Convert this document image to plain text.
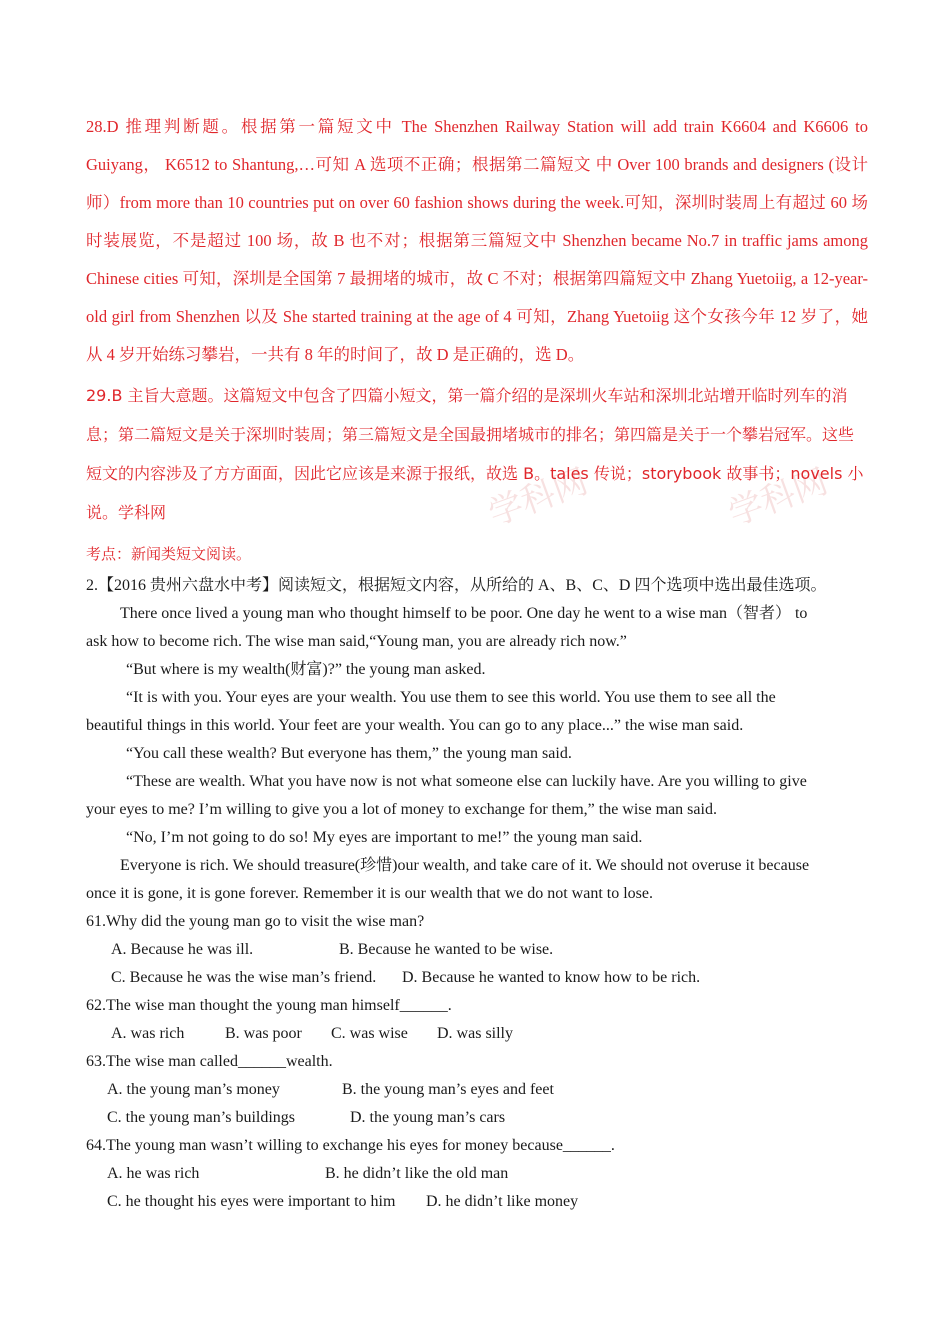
28.D 推理判断题。根据第一篇短文中 The Shenzhen Railway Station will add train K6604 and K6606 to Guiyang， K6512 to Shantung,…可知 A 选项不正确；根据第二篇短文 中 Over 100 brands and designers (设计师）from more than 10 countries put on over 60 fashion shows during the week.可知，深圳时装周上有超过 60 场时装展览，不是超过 100 场，故 B 也不对；根据第三篇短文中 Shenzhen became No.7 in traffic jams among Chinese cities 可知，深圳是全国第 7 最拥堵的城市，故 C 不对；根据第四篇短文中 Zhang Yuetoiig, a 12-year-old girl from Shenzhen 以及 She started training at the age of 4 可知，Zhang Yuetoiig 这个女孩今年 12 岁了，她从 4 岁开始练习攀岩，一共有 8 年的时间了，故 D 是正确的，选 D。
学科网	学科网
29.B 主旨大意题。这篇短文中包含了四篇小短文，第一篇介绍的是深圳火车站和深圳北站增开临时列车的消息；第二篇短文是关于深圳时装周；第三篇短文是全国最拥堵城市的排名；第四篇是关于一个攀岩冠军。这些短文的内容涉及了方方面面，因此它应该是来源于报纸，故选 B。tales 传说；storybook 故事书；novels 小说。学科网
考点：新闻类短文阅读。
2.【2016 贵州六盘水中考】阅读短文，根据短文内容，从所给的 A、B、C、D 四个选项中选出最佳选项。
There once lived a young man who thought himself to be poor. One day he went to a wise man（智者） to
ask how to become rich. The wise man said,“Young man, you are already rich now.”
“But where is my wealth(财富)?” the young man asked.
“It is with you. Your eyes are your wealth. You use them to see this world. You use them to see all the
beautiful things in this world. Your feet are your wealth. You can go to any place...” the wise man said.
“You call these wealth? But everyone has them,” the young man said.
“These are wealth. What you have now is not what someone else can luckily have. Are you willing to give
your eyes to me? I’m willing to give you a lot of money to exchange for them,” the wise man said.
“No, I’m not going to do so! My eyes are important to me!” the young man said.
Everyone is rich. We should treasure(珍惜)our wealth, and take care of it. We should not overuse it because
once it is gone, it is gone forever. Remember it is our wealth that we do not want to lose.
61.Why did the young man go to visit the wise man?
A. Because he was ill.	B. Because he wanted to be wise.
C. Because he was the wise man’s friend. D. Because he wanted to know how to be rich.
62.The wise man thought the young man himself______.
A. was rich	B. was poor C. was wise D. was silly
63.The wise man called______wealth.
A. the young man’s money	B. the young man’s eyes and feet
C. the young man’s buildings	D. the young man’s cars
64.The young man wasn’t willing to exchange his eyes for money because______.
A. he was rich	B. he didn’t like the old man
C. he thought his eyes were important to him D. he didn’t like money
